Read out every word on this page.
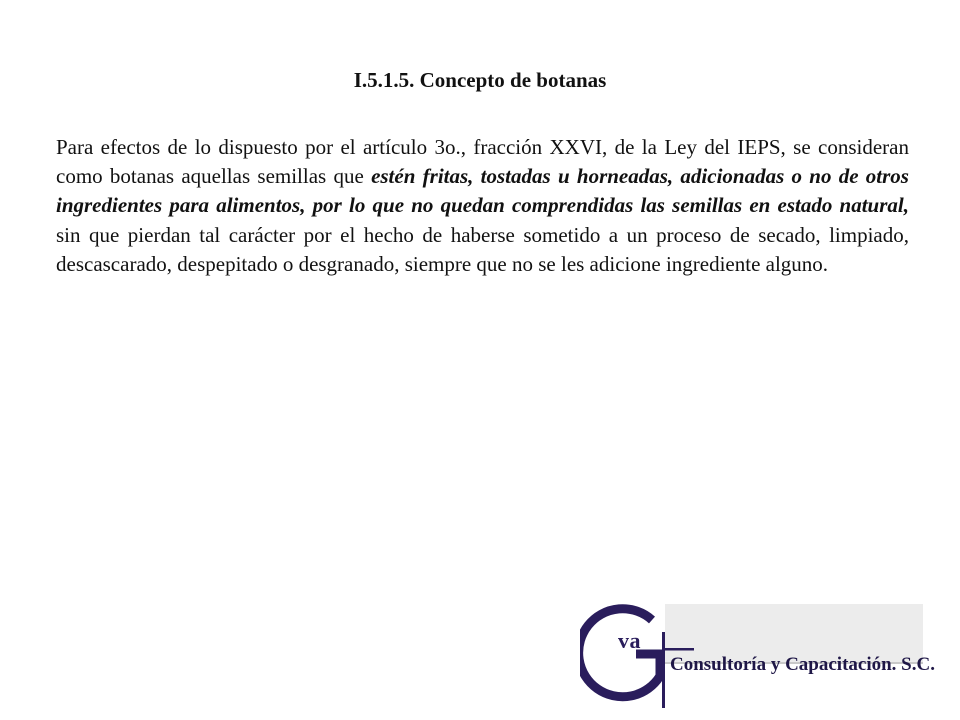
I.5.1.5. Concepto de botanas

Para efectos de lo dispuesto por el artículo 3o., fracción XXVI, de la Ley del IEPS, se consideran como botanas aquellas semillas que estén fritas, tostadas u horneadas, adicionadas o no de otros ingredientes para alimentos, por lo que no quedan comprendidas las semillas en estado natural, sin que pierdan tal carácter por el hecho de haberse sometido a un proceso de secado, limpiado, descascarado, despepitado o desgranado, siempre que no se les adicione ingrediente alguno.

va
Consultoría y Capacitación. S.C.
